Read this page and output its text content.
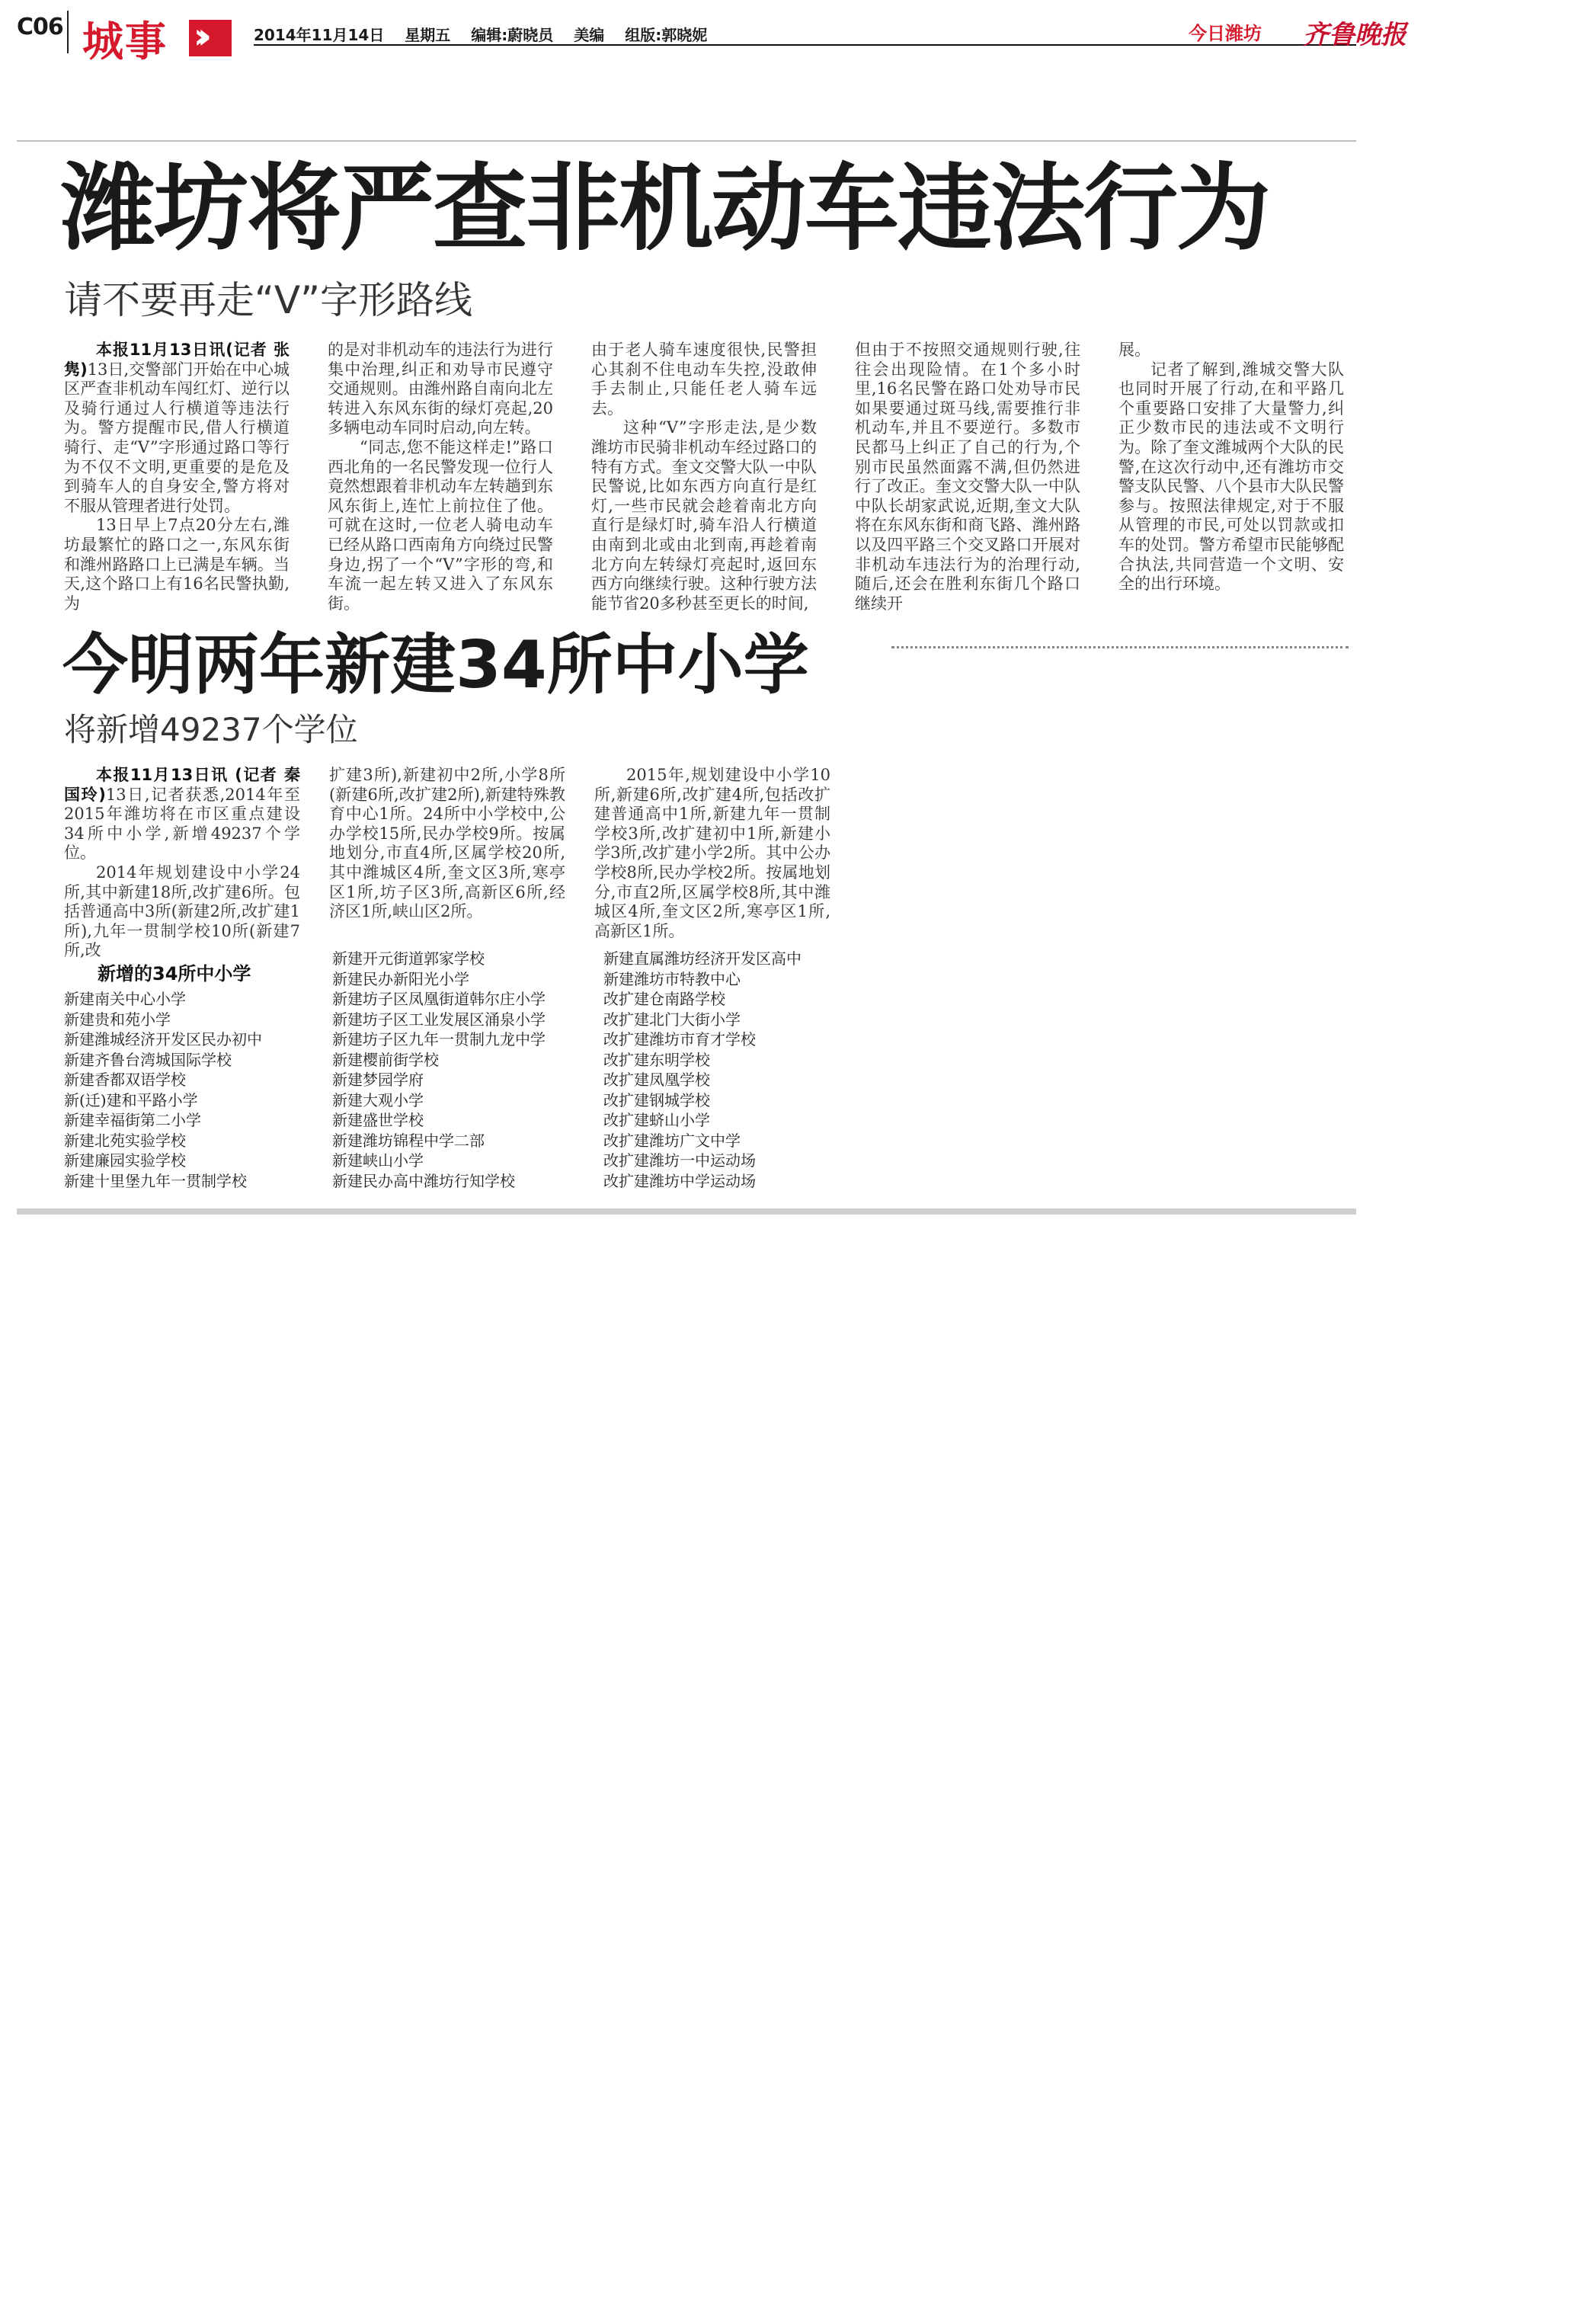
C06 城事 ››	2014年11月14日 星期五 编辑:蔚晓员 美编 组版:郭晓妮	今日潍坊 齐鲁晚报
潍坊将严查非机动车违法行为
请不要再走“V”字形路线

本报11月13日讯(记者 张隽)13日,交警部门开始在中心城区严查非机动车闯红灯、逆行以及骑行通过人行横道等违法行为。警方提醒市民,借人行横道骑行、走“V”字形通过路口等行为不仅不文明,更重要的是危及到骑车人的自身安全,警方将对不服从管理者进行处罚。

13日早上7点20分左右,潍坊最繁忙的路口之一,东风东街和潍州路路口上已满是车辆。当天,这个路口上有16名民警执勤,为

的是对非机动车的违法行为进行集中治理,纠正和劝导市民遵守交通规则。由潍州路自南向北左转进入东风东街的绿灯亮起,20多辆电动车同时启动,向左转。

“同志,您不能这样走!”路口西北角的一名民警发现一位行人竟然想跟着非机动车左转趟到东风东街上,连忙上前拉住了他。可就在这时,一位老人骑电动车已经从路口西南角方向绕过民警身边,拐了一个“V”字形的弯,和车流一起左转又进入了东风东街。

由于老人骑车速度很快,民警担心其刹不住电动车失控,没敢伸手去制止,只能任老人骑车远去。

这种“V”字形走法,是少数潍坊市民骑非机动车经过路口的特有方式。奎文交警大队一中队民警说,比如东西方向直行是红灯,一些市民就会趁着南北方向直行是绿灯时,骑车沿人行横道由南到北或由北到南,再趁着南北方向左转绿灯亮起时,返回东西方向继续行驶。这种行驶方法能节省20多秒甚至更长的时间,

但由于不按照交通规则行驶,往往会出现险情。在1个多小时里,16名民警在路口处劝导市民如果要通过斑马线,需要推行非机动车,并且不要逆行。多数市民都马上纠正了自己的行为,个别市民虽然面露不满,但仍然进行了改正。奎文交警大队一中队中队长胡家武说,近期,奎文大队将在东风东街和商飞路、潍州路以及四平路三个交叉路口开展对非机动车违法行为的治理行动,随后,还会在胜利东街几个路口继续开

展。

记者了解到,潍城交警大队也同时开展了行动,在和平路几个重要路口安排了大量警力,纠正少数市民的违法或不文明行为。除了奎文潍城两个大队的民警,在这次行动中,还有潍坊市交警支队民警、八个县市大队民警参与。按照法律规定,对于不服从管理的市民,可处以罚款或扣车的处罚。警方希望市民能够配合执法,共同营造一个文明、安全的出行环境。

今明两年新建34所中小学
将新增49237个学位

本报11月13日讯 (记者 秦国玲)13日,记者获悉,2014年至2015年潍坊将在市区重点建设34所中小学,新增49237个学位。

2014年规划建设中小学24所,其中新建18所,改扩建6所。包括普通高中3所(新建2所,改扩建1所),九年一贯制学校10所(新建7所,改

扩建3所),新建初中2所,小学8所(新建6所,改扩建2所),新建特殊教育中心1所。24所中小学校中,公办学校15所,民办学校9所。按属地划分,市直4所,区属学校20所,其中潍城区4所,奎文区3所,寒亭区1所,坊子区3所,高新区6所,经济区1所,峡山区2所。

2015年,规划建设中小学10所,新建6所,改扩建4所,包括改扩建普通高中1所,新建九年一贯制学校3所,改扩建初中1所,新建小学3所,改扩建小学2所。其中公办学校8所,民办学校2所。按属地划分,市直2所,区属学校8所,其中潍城区4所,奎文区2所,寒亭区1所,高新区1所。

新增的34所中小学
新建南关中心小学
新建贵和苑小学
新建潍城经济开发区民办初中
新建齐鲁台湾城国际学校
新建香都双语学校
新(迁)建和平路小学
新建幸福街第二小学
新建北苑实验学校
新建廉园实验学校
新建十里堡九年一贯制学校
新建开元街道郭家学校
新建民办新阳光小学
新建坊子区凤凰街道韩尔庄小学
新建坊子区工业发展区涌泉小学
新建坊子区九年一贯制九龙中学
新建樱前街学校
新建梦园学府
新建大观小学
新建盛世学校
新建潍坊锦程中学二部
新建峡山小学
新建民办高中潍坊行知学校
新建直属潍坊经济开发区高中
新建潍坊市特教中心
改扩建仓南路学校
改扩建北门大街小学
改扩建潍坊市育才学校
改扩建东明学校
改扩建凤凰学校
改扩建钢城学校
改扩建蛴山小学
改扩建潍坊广文中学
改扩建潍坊一中运动场
改扩建潍坊中学运动场
